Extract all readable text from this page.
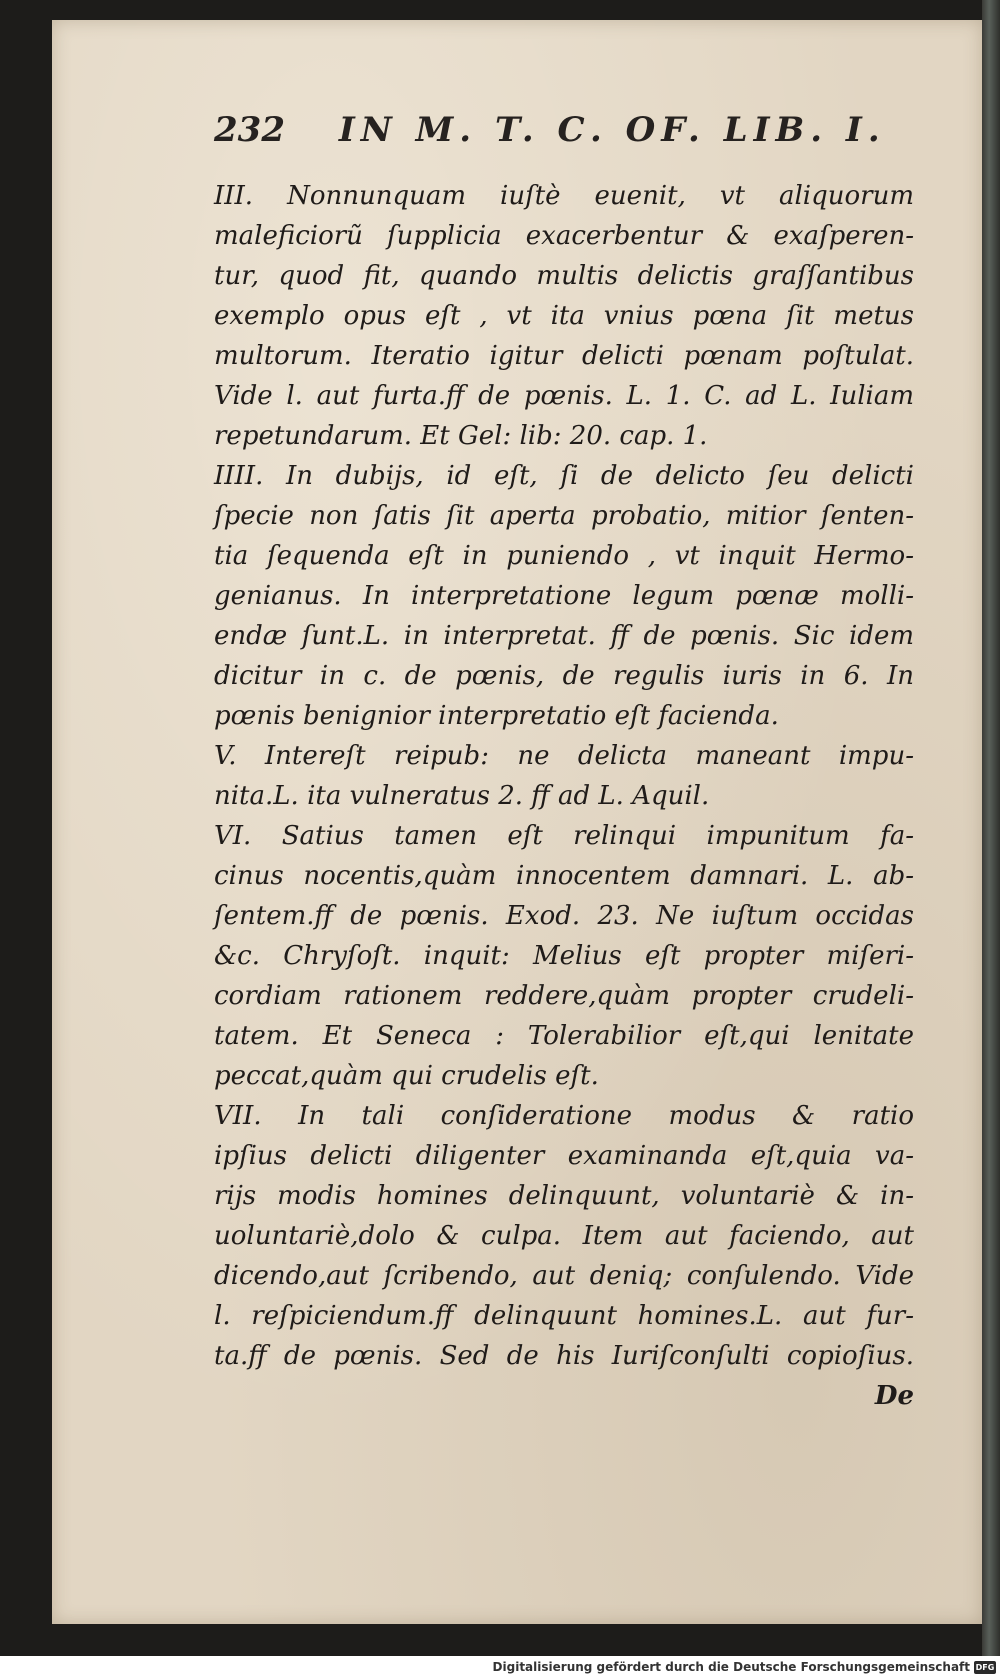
232 IN M. T. C. OF. LIB. I.
III. Nonnunquam iuſtè euenit, vt aliquorum
maleficiorũ ſupplicia exacerbentur & exaſperen-
tur, quod fit, quando multis delictis graſſantibus
exemplo opus eſt , vt ita vnius pœna ſit metus
multorum. Iteratio igitur delicti pœnam poſtulat.
Vide l. aut furta.ff de pœnis. L. 1. C. ad L. Iuliam
repetundarum. Et Gel: lib: 20. cap. 1.
IIII. In dubijs, id eſt, ſi de delicto ſeu delicti
ſpecie non ſatis ſit aperta probatio, mitior ſenten-
tia ſequenda eſt in puniendo , vt inquit Hermo-
genianus. In interpretatione legum pœnæ molli-
endæ ſunt.L. in interpretat. ff de pœnis. Sic idem
dicitur in c. de pœnis, de regulis iuris in 6. In
pœnis benignior interpretatio eſt facienda.
V. Intereſt reipub: ne delicta maneant impu-
nita.L. ita vulneratus 2. ff ad L. Aquil.
VI. Satius tamen eſt relinqui impunitum fa-
cinus nocentis,quàm innocentem damnari. L. ab-
ſentem.ff de pœnis. Exod. 23. Ne iuſtum occidas
&c. Chryſoſt. inquit: Melius eſt propter miſeri-
cordiam rationem reddere,quàm propter crudeli-
tatem. Et Seneca : Tolerabilior eſt,qui lenitate
peccat,quàm qui crudelis eſt.
VII. In tali conſideratione modus & ratio
ipſius delicti diligenter examinanda eſt,quia va-
rijs modis homines delinquunt, voluntariè & in-
uoluntariè,dolo & culpa. Item aut faciendo, aut
dicendo,aut ſcribendo, aut deniq; conſulendo. Vide
l. reſpiciendum.ff delinquunt homines.L. aut fur-
ta.ff de pœnis. Sed de his Iuriſconſulti copioſius.
De
Digitalisierung gefördert durch die Deutsche Forschungsgemeinschaft DFG
